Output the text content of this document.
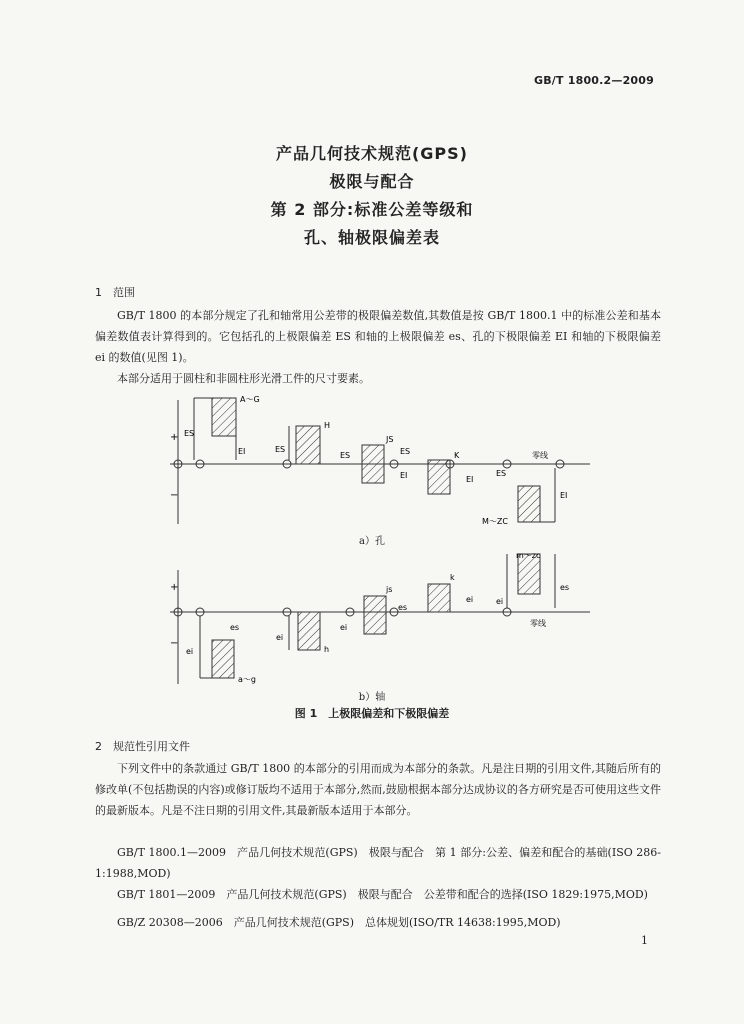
GB/T 1800.2—2009
产品几何技术规范(GPS)
极限与配合
第 2 部分:标准公差等级和
孔、轴极限偏差表
1　范围
GB/T 1800 的本部分规定了孔和轴常用公差带的极限偏差数值,其数值是按 GB/T 1800.1 中的标准公差和基本偏差数值表计算得到的。它包括孔的上极限偏差 ES 和轴的上极限偏差 es、孔的下极限偏差 EI 和轴的下极限偏差 ei 的数值(见图 1)。
本部分适用于圆柱和非圆柱形光滑工件的尺寸要素。
+
−
ES
EI
A～G
ES
H
JS
ES	K
ES
EI	EI
ES
EI
M～ZC
零线
a）孔
+
−
ei
es
a～g
ei
h
js
es
ei
k
ei	ei
es
m～zc
零线
b）轴
图 1　上极限偏差和下极限偏差
2　规范性引用文件
下列文件中的条款通过 GB/T 1800 的本部分的引用而成为本部分的条款。凡是注日期的引用文件,其随后所有的修改单(不包括勘误的内容)或修订版均不适用于本部分,然而,鼓励根据本部分达成协议的各方研究是否可使用这些文件的最新版本。凡是不注日期的引用文件,其最新版本适用于本部分。
GB/T 1800.1—2009　产品几何技术规范(GPS)　极限与配合　第 1 部分:公差、偏差和配合的基础(ISO 286-1:1988,MOD)
GB/T 1801—2009　产品几何技术规范(GPS)　极限与配合　公差带和配合的选择(ISO 1829:1975,MOD)
GB/Z 20308—2006　产品几何技术规范(GPS)　总体规划(ISO/TR 14638:1995,MOD)
1
